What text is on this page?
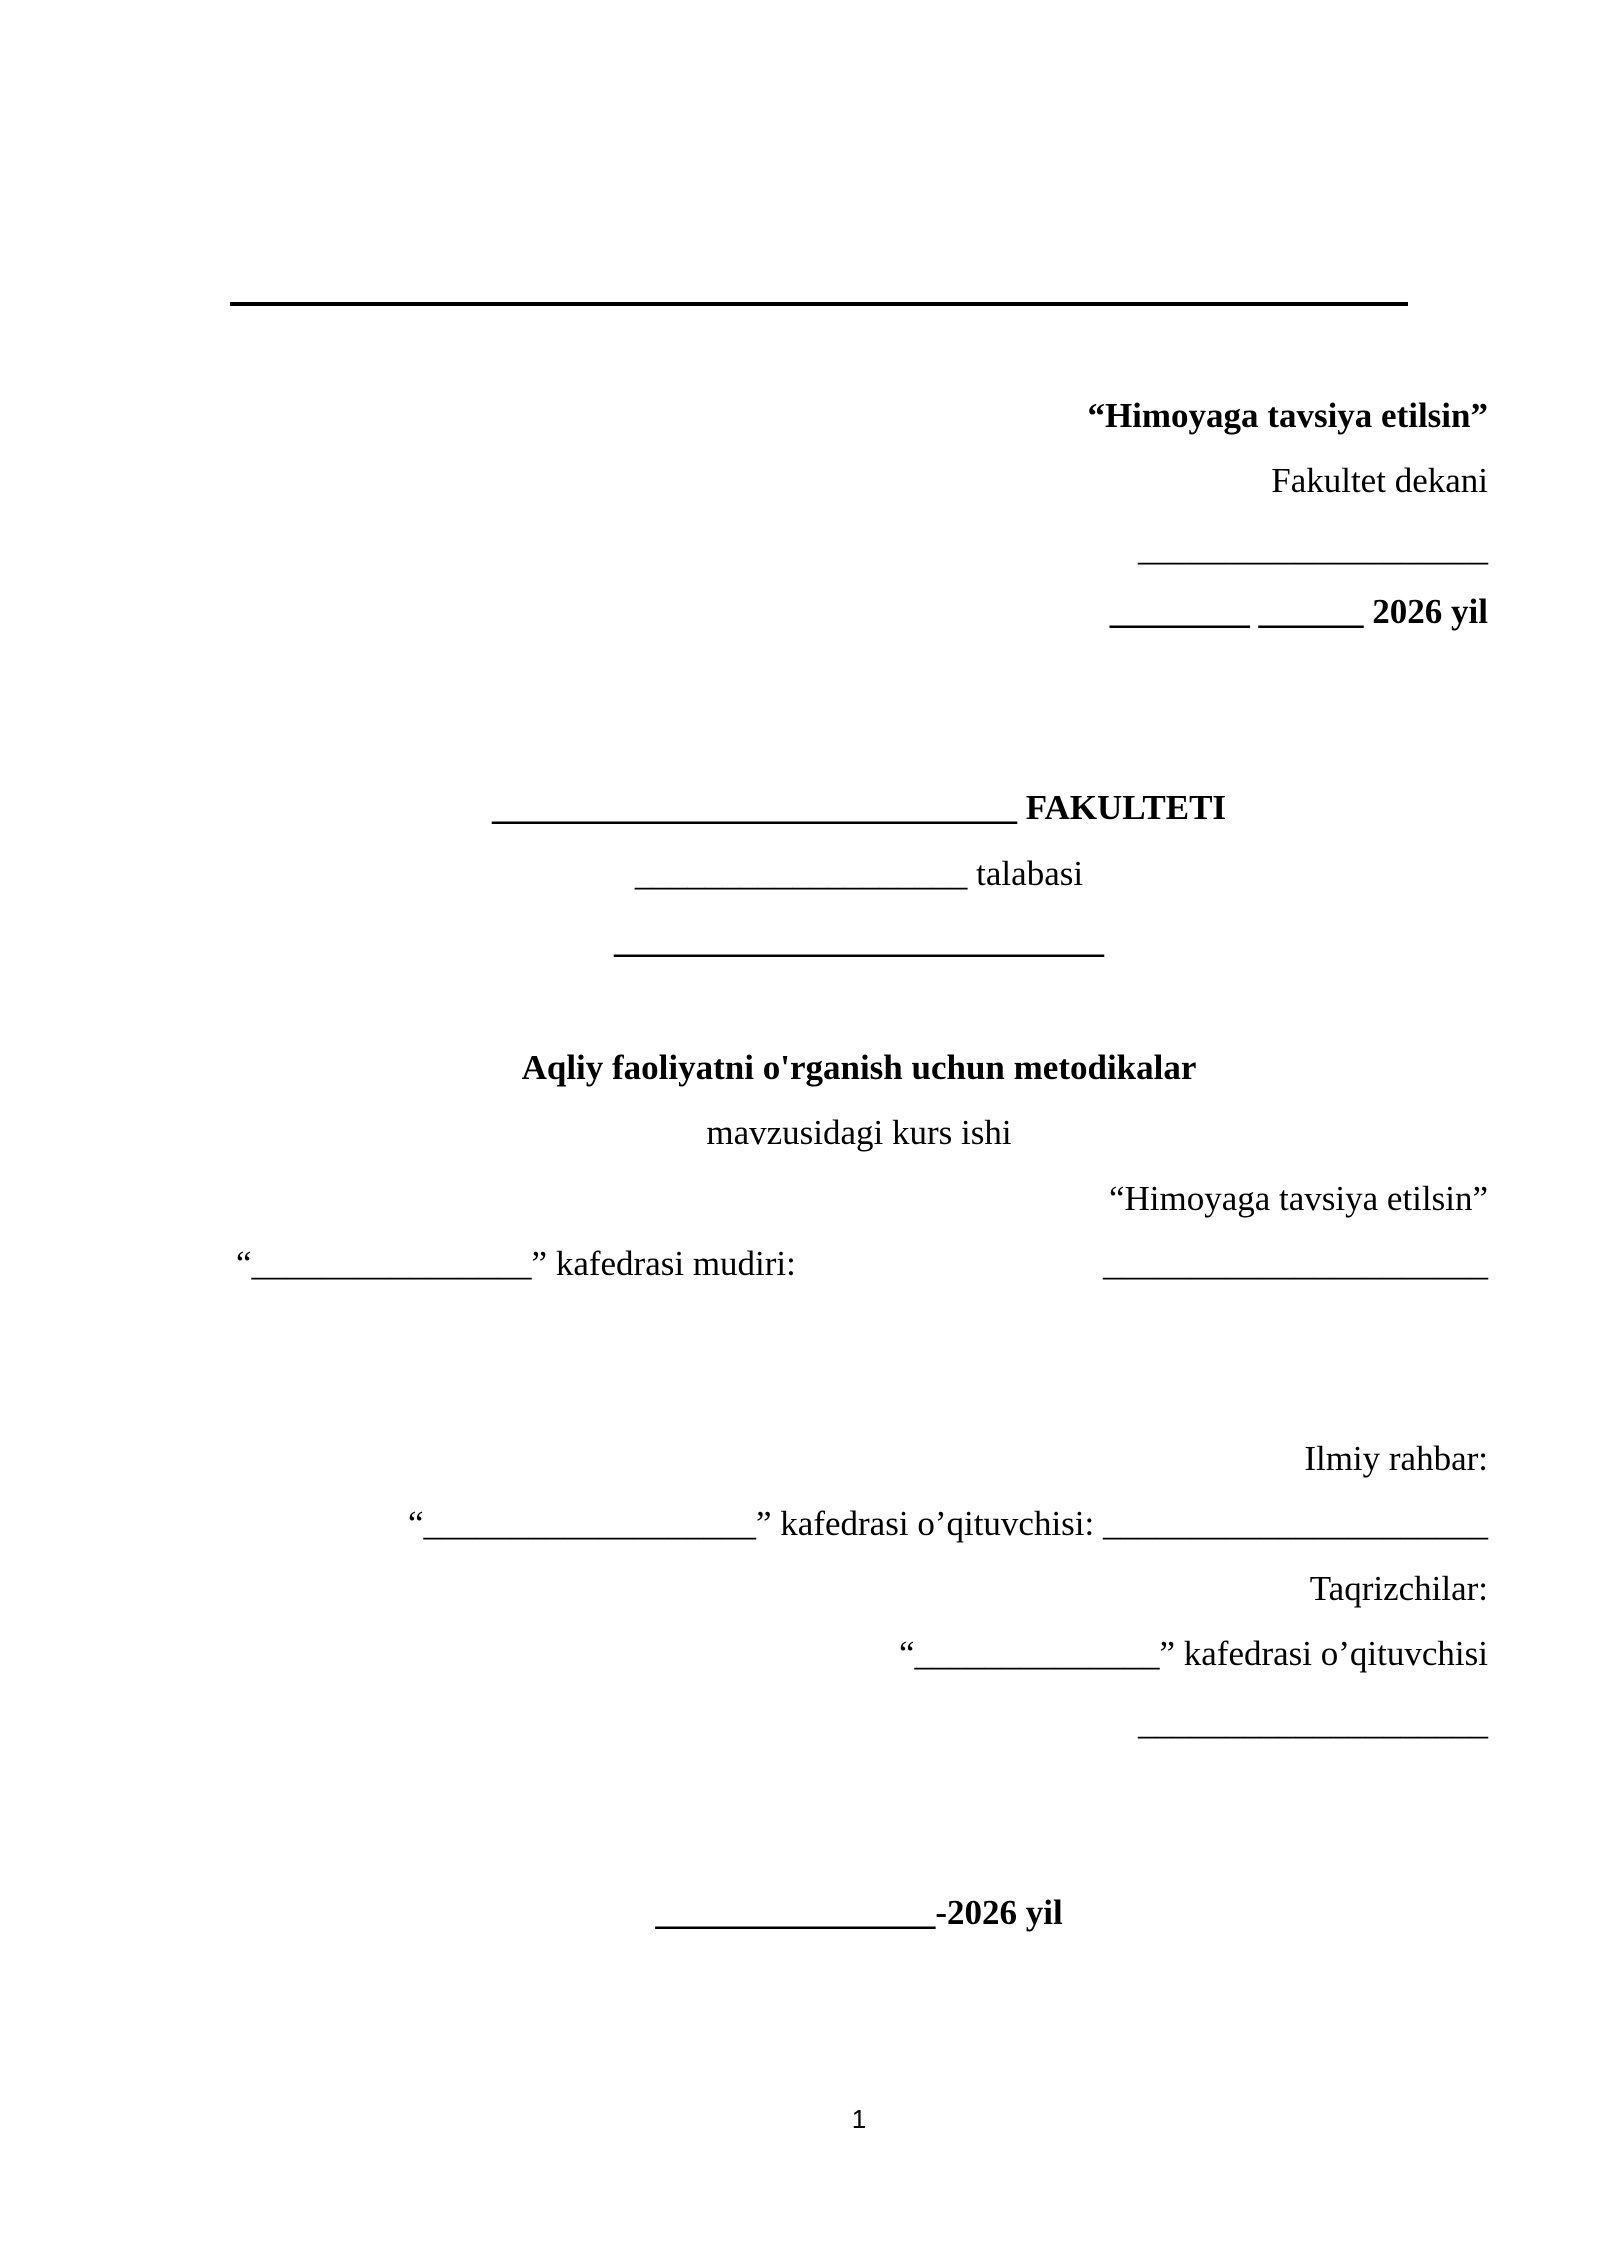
“Himoyaga tavsiya etilsin”
Fakultet dekani
____________________
________ ______ 2026 yil
______________________________ FAKULTETI
___________________ talabasi
____________________________
Aqliy faoliyatni o'rganish uchun metodikalar
mavzusidagi kurs ishi
“Himoyaga tavsiya etilsin”
“________________” kafedrasi mudiri:	______________________
Ilmiy rahbar:
“___________________” kafedrasi o’qituvchisi: ______________________
Taqrizchilar:
“______________” kafedrasi o’qituvchisi
____________________
________________-2026 yil
1
